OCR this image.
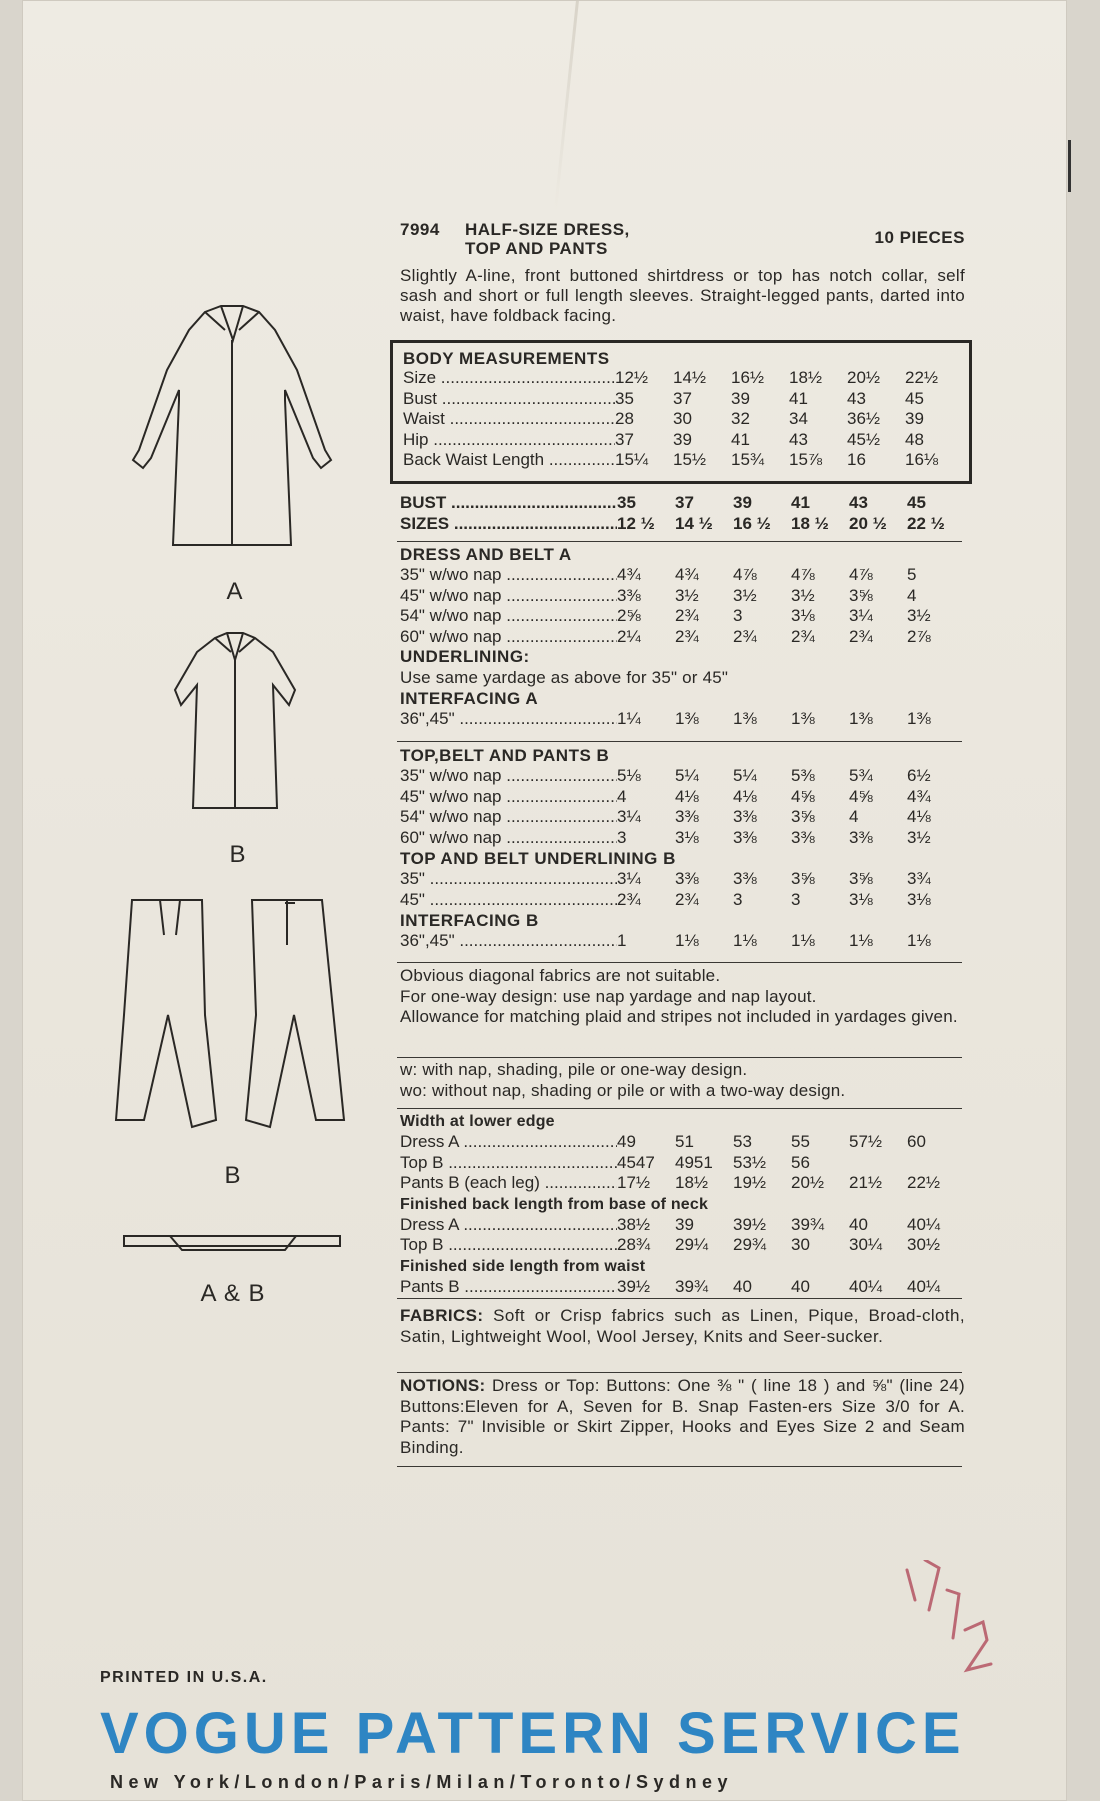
A
B
B
A & B
7994 HALF-SIZE DRESS,
TOP AND PANTS
10 PIECES
Slightly A-line, front buttoned shirtdress or top has notch collar, self sash and short or full length sleeves. Straight-legged pants, darted into waist, have foldback facing.
BODY MEASUREMENTS
Size .....	12½	14½	16½	18½	20½	22½
Bust .....	35	37	39	41	43	45
Waist .....	28	30	32	34	36½	39
Hip .....	37	39	41	43	45½	48
Back Waist Length .....	15¼	15½	15¾	15⅞	16	16⅛
BUST .....	35	37	39	41	43	45
SIZES .....	12 ½	14 ½	16 ½	18 ½	20 ½	22 ½
DRESS AND BELT A
35" w/wo nap .....	4¾	4¾	4⅞	4⅞	4⅞	5
45" w/wo nap .....	3⅜	3½	3½	3½	3⅝	4
54" w/wo nap .....	2⅝	2¾	3	3⅛	3¼	3½
60" w/wo nap .....	2¼	2¾	2¾	2¾	2¾	2⅞
UNDERLINING:
Use same yardage as above for 35" or 45"
INTERFACING A
36",45" .....	1¼	1⅜	1⅜	1⅜	1⅜	1⅜
TOP,BELT AND PANTS B
35" w/wo nap .....	5⅛	5¼	5¼	5⅜	5¾	6½
45" w/wo nap .....	4	4⅛	4⅛	4⅝	4⅝	4¾
54" w/wo nap .....	3¼	3⅜	3⅜	3⅝	4	4⅛
60" w/wo nap .....	3	3⅛	3⅜	3⅜	3⅜	3½
TOP AND BELT UNDERLINING B
35" .....	3¼	3⅜	3⅜	3⅝	3⅝	3¾
45" .....	2¾	2¾	3	3	3⅛	3⅛
INTERFACING B
36",45" .....	1	1⅛	1⅛	1⅛	1⅛	1⅛
Obvious diagonal fabrics are not suitable.
For one-way design: use nap yardage and nap layout.
Allowance for matching plaid and stripes not included in yardages given.
w: with nap, shading, pile or one-way design.
wo: without nap, shading or pile or with a two-way design.
Width at lower edge
Dress A .....	49	51	53	55	57½	60
Top B .....	4547	4951	53½	56
Pants B (each leg) .....	17½	18½	19½	20½	21½	22½
Finished back length from base of neck
Dress A .....	38½	39	39½	39¾	40	40¼
Top B .....	28¾	29¼	29¾	30	30¼	30½
Finished side length from waist
Pants B .....	39½	39¾	40	40	40¼	40¼
FABRICS: Soft or Crisp fabrics such as Linen, Pique, Broad-cloth, Satin, Lightweight Wool, Wool Jersey, Knits and Seer-sucker.
NOTIONS: Dress or Top: Buttons: One ⅜ " ( line 18 ) and ⅝" (line 24) Buttons:Eleven for A, Seven for B. Snap Fasten-ers Size 3/0 for A. Pants: 7" Invisible or Skirt Zipper, Hooks and Eyes Size 2 and Seam Binding.
PRINTED IN U.S.A.
VOGUE PATTERN SERVICE
New York/London/Paris/Milan/Toronto/Sydney
